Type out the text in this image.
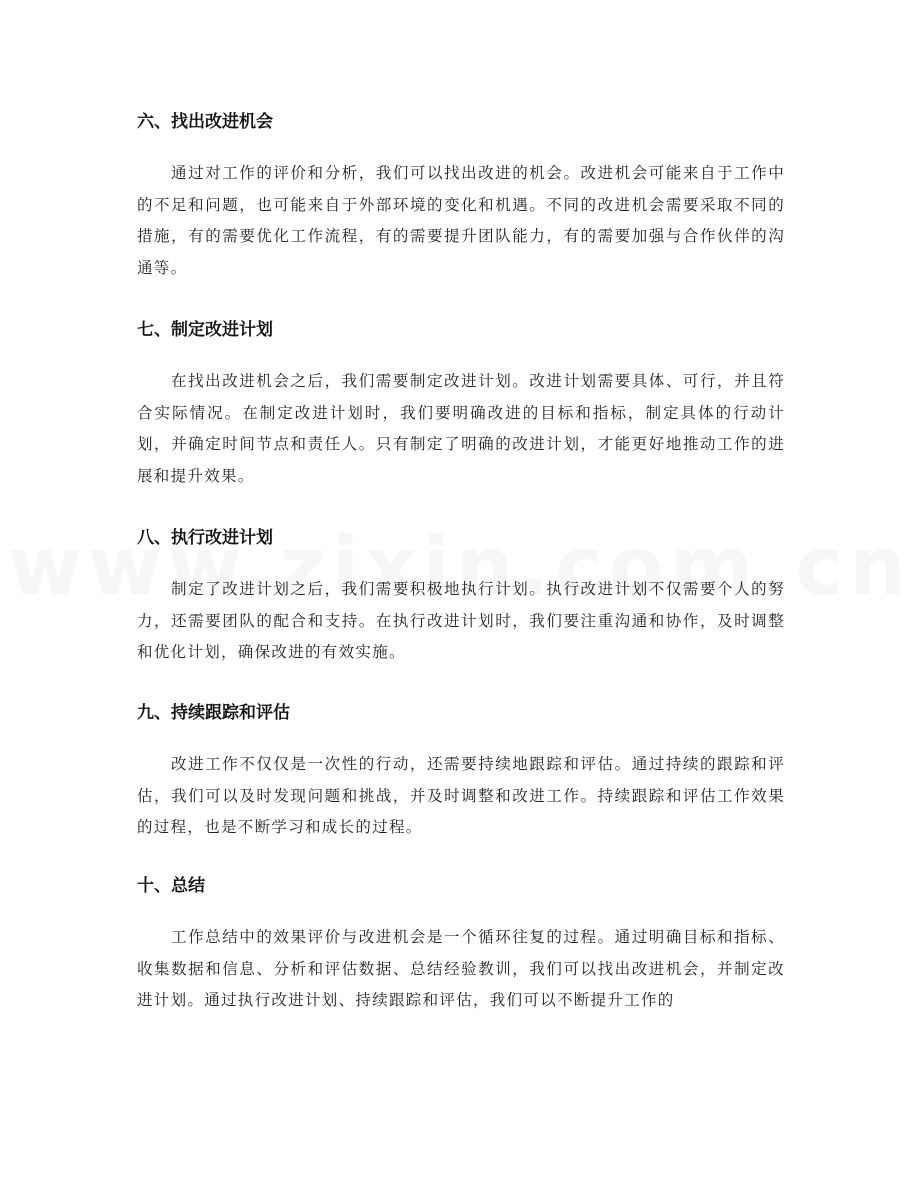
六、找出改进机会

通过对工作的评价和分析，我们可以找出改进的机会。改进机会可能来自于工作中的不足和问题，也可能来自于外部环境的变化和机遇。不同的改进机会需要采取不同的措施，有的需要优化工作流程，有的需要提升团队能力，有的需要加强与合作伙伴的沟通等。

七、制定改进计划

在找出改进机会之后，我们需要制定改进计划。改进计划需要具体、可行，并且符合实际情况。在制定改进计划时，我们要明确改进的目标和指标，制定具体的行动计划，并确定时间节点和责任人。只有制定了明确的改进计划，才能更好地推动工作的进展和提升效果。

八、执行改进计划

制定了改进计划之后，我们需要积极地执行计划。执行改进计划不仅需要个人的努力，还需要团队的配合和支持。在执行改进计划时，我们要注重沟通和协作，及时调整和优化计划，确保改进的有效实施。

九、持续跟踪和评估

改进工作不仅仅是一次性的行动，还需要持续地跟踪和评估。通过持续的跟踪和评估，我们可以及时发现问题和挑战，并及时调整和改进工作。持续跟踪和评估工作效果的过程，也是不断学习和成长的过程。

十、总结

工作总结中的效果评价与改进机会是一个循环往复的过程。通过明确目标和指标、收集数据和信息、分析和评估数据、总结经验教训，我们可以找出改进机会，并制定改进计划。通过执行改进计划、持续跟踪和评估，我们可以不断提升工作的
